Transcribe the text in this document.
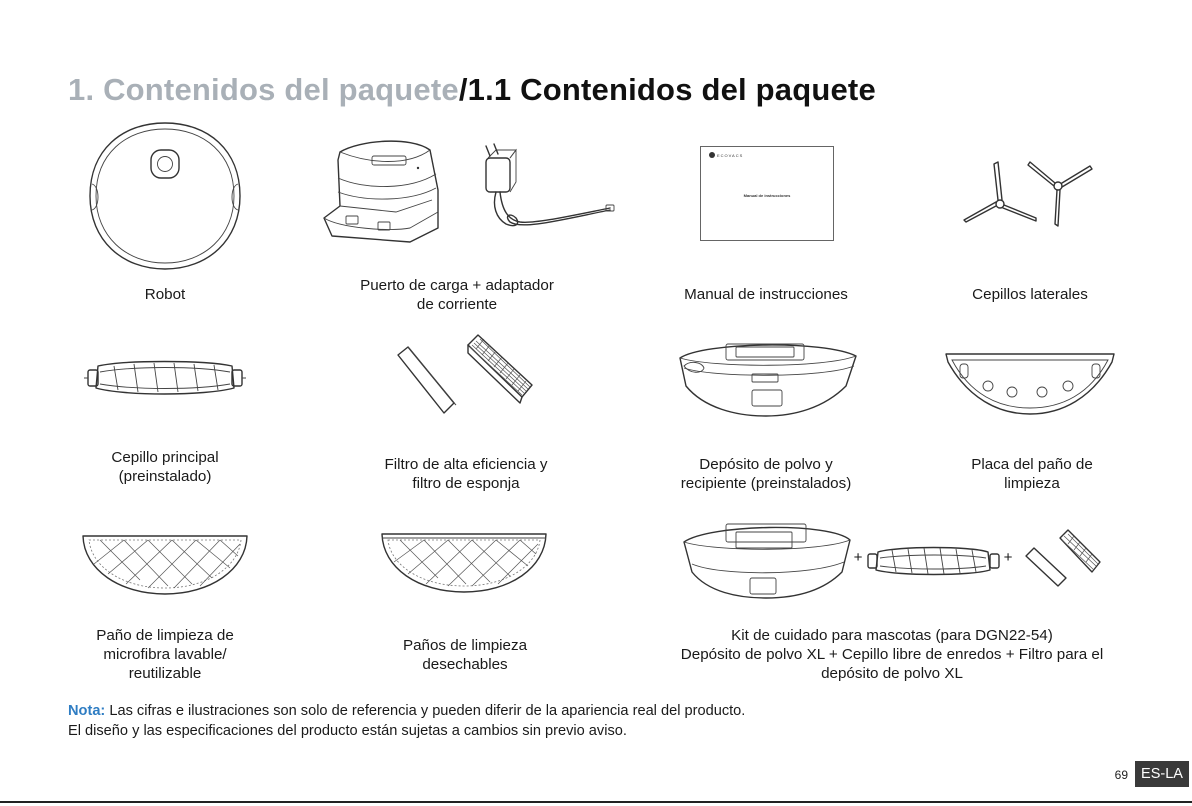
1. Contenidos del paquete/1.1 Contenidos del paquete
ECOVACS
Manual de instrucciones
+	+
Robot
Puerto de carga + adaptador
de corriente
Manual de instrucciones	Cepillos laterales
Cepillo principal
(preinstalado)
Filtro de alta eficiencia y
filtro de esponja
Depósito de polvo y
recipiente (preinstalados)
Placa del paño de
limpieza
Paño de limpieza de
microfibra lavable/
reutilizable
Paños de limpieza
desechables
Kit de cuidado para mascotas (para DGN22-54)
Depósito de polvo XL + Cepillo libre de enredos + Filtro para el
depósito de polvo XL
Nota: Las cifras e ilustraciones son solo de referencia y pueden diferir de la apariencia real del producto.
El diseño y las especificaciones del producto están sujetas a cambios sin previo aviso.
69 ES-LA
